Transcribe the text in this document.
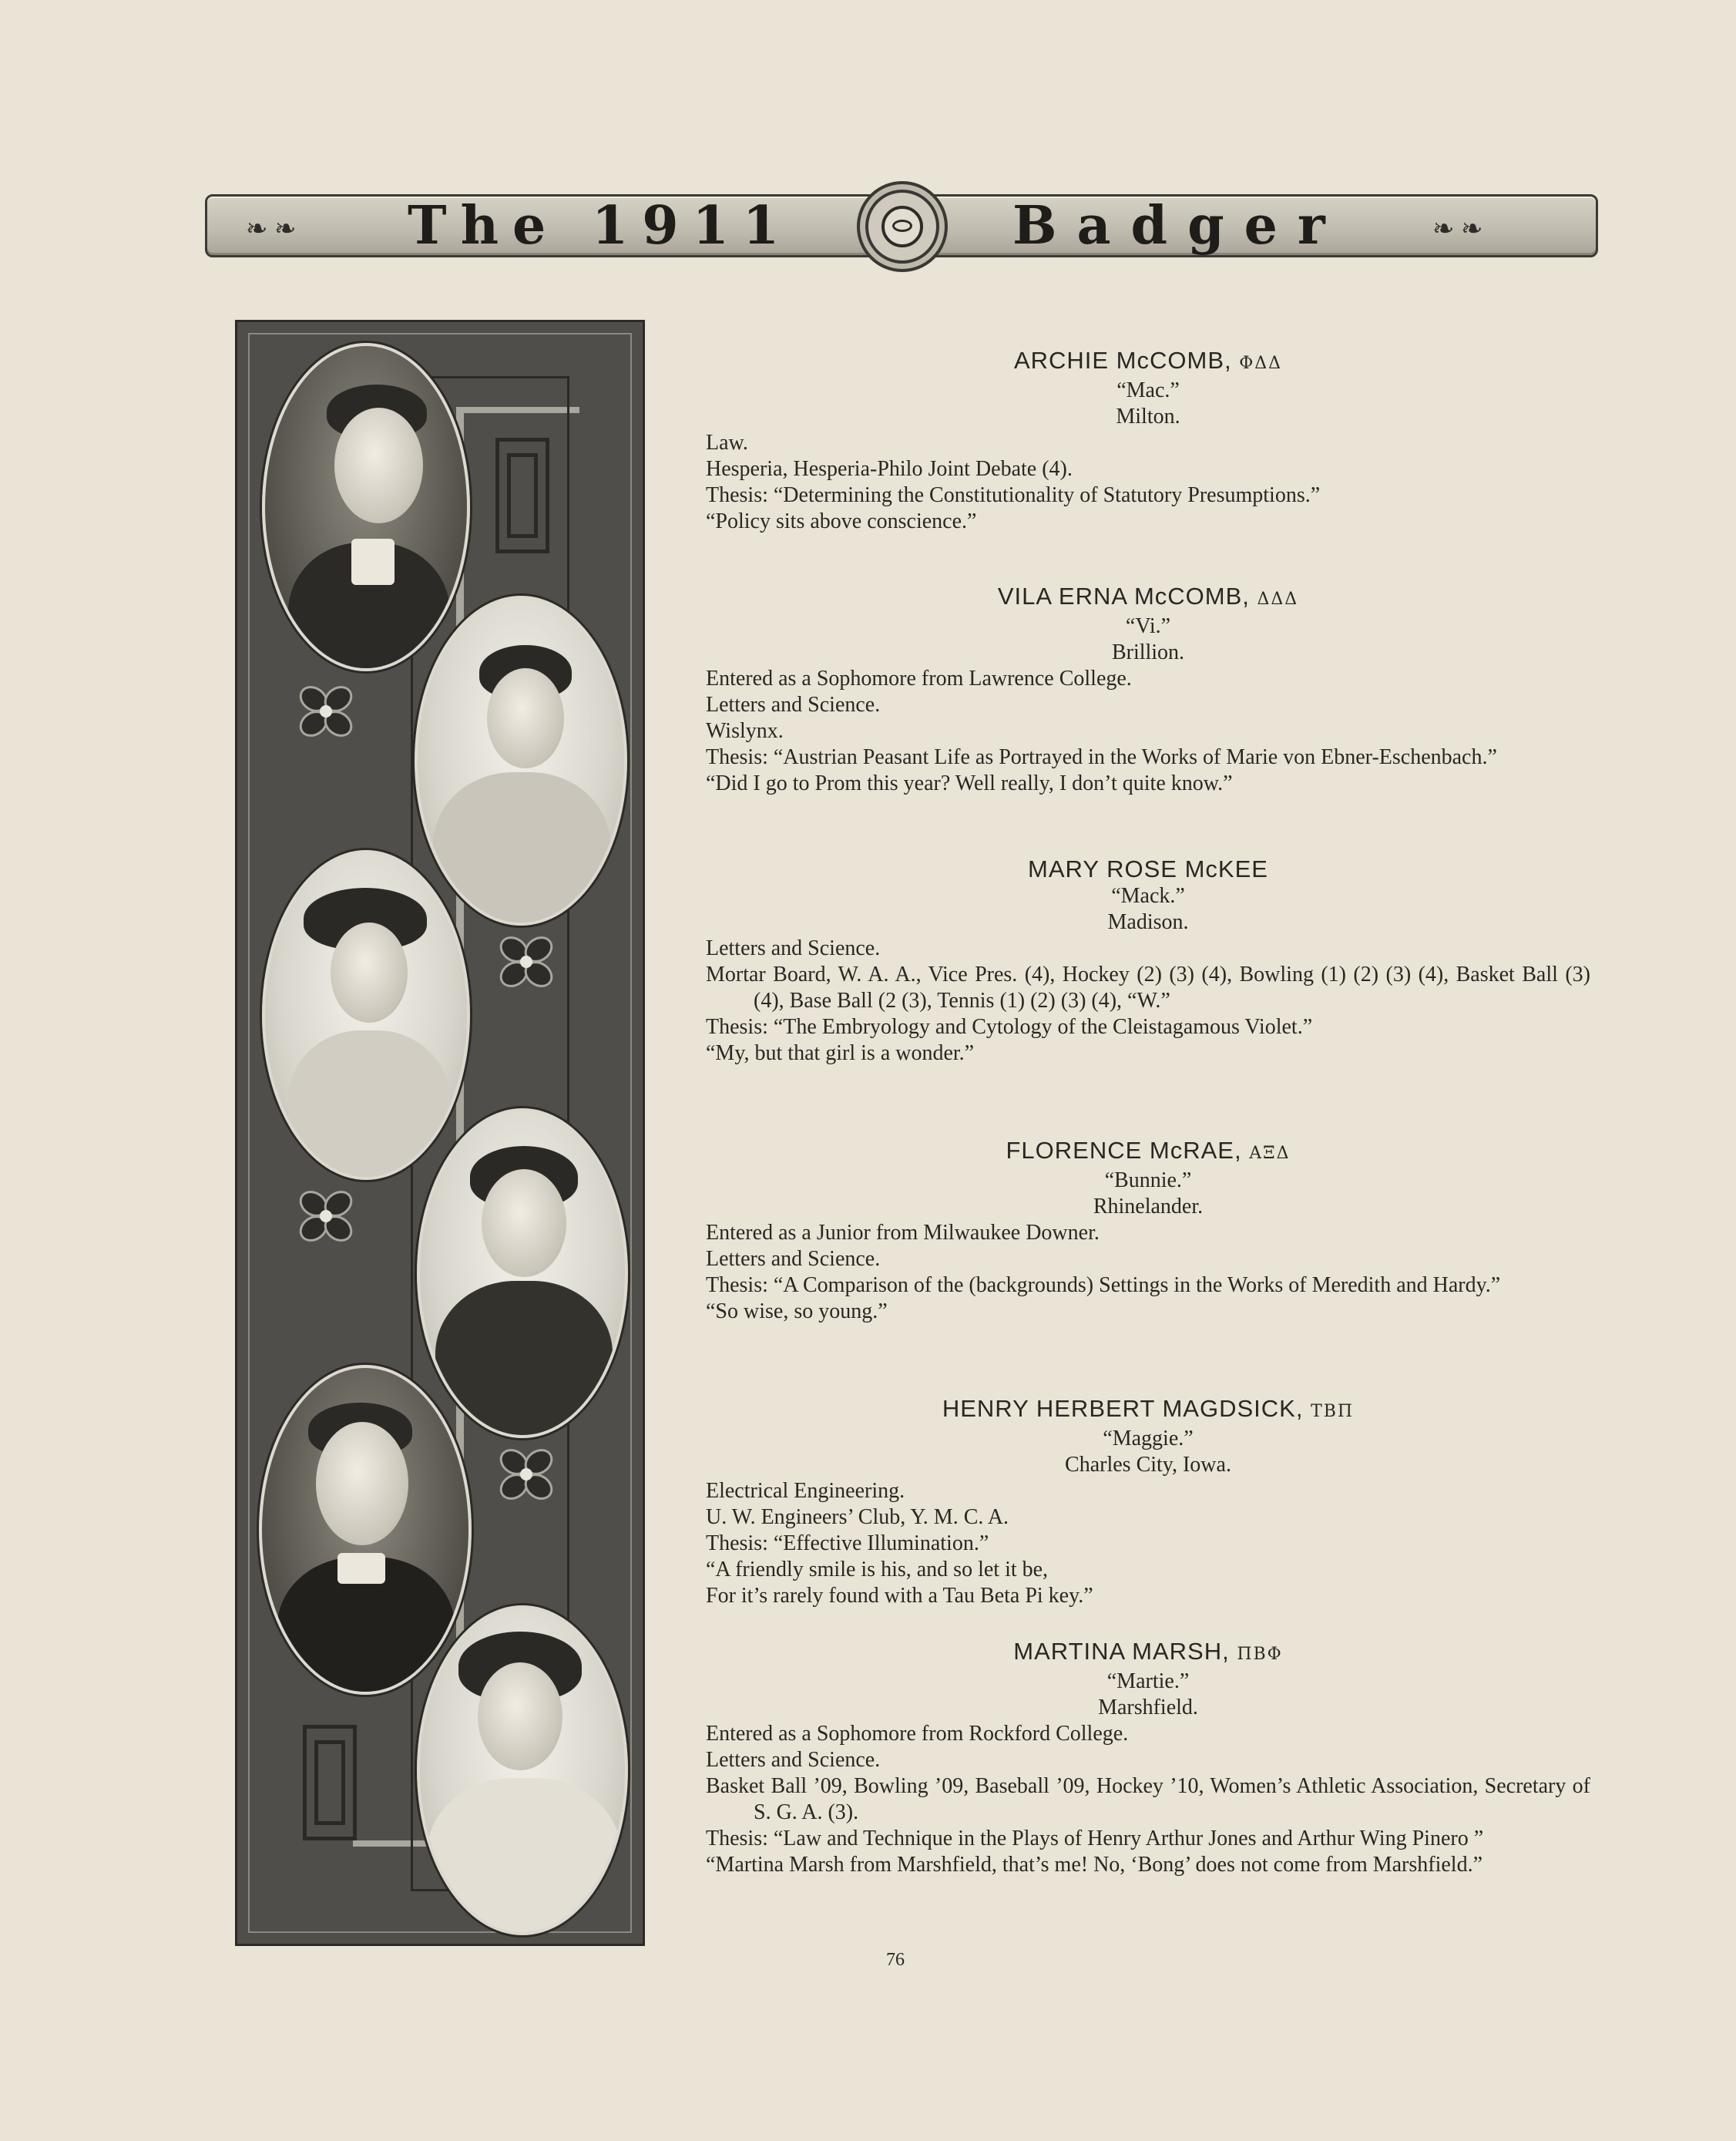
❧ ❧ The 1911	Badger	❧ ❧
ARCHIE McCOMB, ΦΔΔ
“Mac.”
Milton.
Law.
Hesperia, Hesperia-Philo Joint Debate (4).
Thesis: “Determining the Constitutionality of Statutory Presumptions.”
“Policy sits above conscience.”
VILA ERNA McCOMB, ΔΔΔ
“Vi.”
Brillion.
Entered as a Sophomore from Lawrence College.
Letters and Science.
Wislynx.
Thesis: “Austrian Peasant Life as Portrayed in the Works of Marie von Ebner-Eschenbach.”
“Did I go to Prom this year? Well really, I don’t quite know.”
MARY ROSE McKEE
“Mack.”
Madison.
Letters and Science.
Mortar Board, W. A. A., Vice Pres. (4), Hockey (2) (3) (4), Bowling (1) (2) (3) (4), Basket Ball (3) (4), Base Ball (2 (3), Tennis (1) (2) (3) (4), “W.”
Thesis: “The Embryology and Cytology of the Cleistagamous Violet.”
“My, but that girl is a wonder.”
FLORENCE McRAE, AΞΔ
“Bunnie.”
Rhinelander.
Entered as a Junior from Milwaukee Downer.
Letters and Science.
Thesis: “A Comparison of the (backgrounds) Settings in the Works of Meredith and Hardy.”
“So wise, so young.”
HENRY HERBERT MAGDSICK, TBΠ
“Maggie.”
Charles City, Iowa.
Electrical Engineering.
U. W. Engineers’ Club, Y. M. C. A.
Thesis: “Effective Illumination.”
“A friendly smile is his, and so let it be,
For it’s rarely found with a Tau Beta Pi key.”
MARTINA MARSH, ΠBΦ
“Martie.”
Marshfield.
Entered as a Sophomore from Rockford College.
Letters and Science.
Basket Ball ’09, Bowling ’09, Baseball ’09, Hockey ’10, Women’s Athletic Association, Secretary of S. G. A. (3).
Thesis: “Law and Technique in the Plays of Henry Arthur Jones and Arthur Wing Pinero ”
“Martina Marsh from Marshfield, that’s me! No, ‘Bong’ does not come from Marshfield.”
76
